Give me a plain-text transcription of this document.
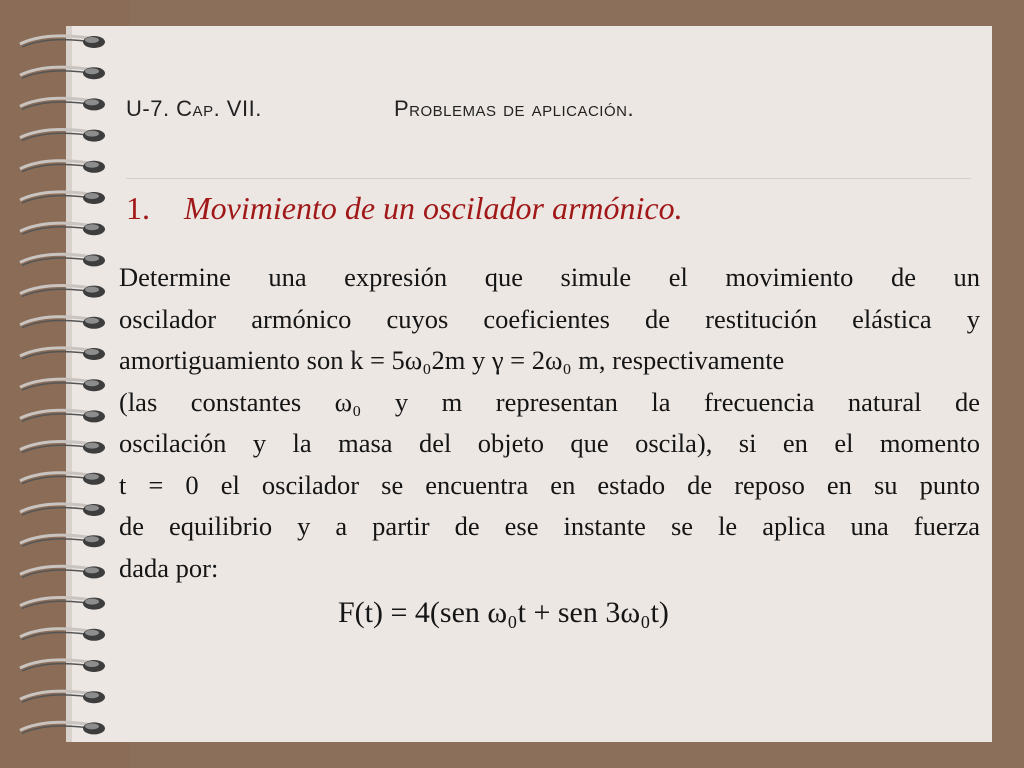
U-7. Cap. VII.	Problemas de aplicación.
1. Movimiento de un oscilador armónico.
Determine una expresión que simule el movimiento de un
oscilador armónico cuyos coeficientes de restitución elástica y
amortiguamiento son k = 5ω₀2m y γ = 2ω₀ m, respectivamente
(las constantes ω₀ y m representan la frecuencia natural de
oscilación y la masa del objeto que oscila), si en el momento
t = 0 el oscilador se encuentra en estado de reposo en su punto
de equilibrio y a partir de ese instante se le aplica una fuerza
dada por:
F(t) = 4(sen ω₀t + sen 3ω₀t)
